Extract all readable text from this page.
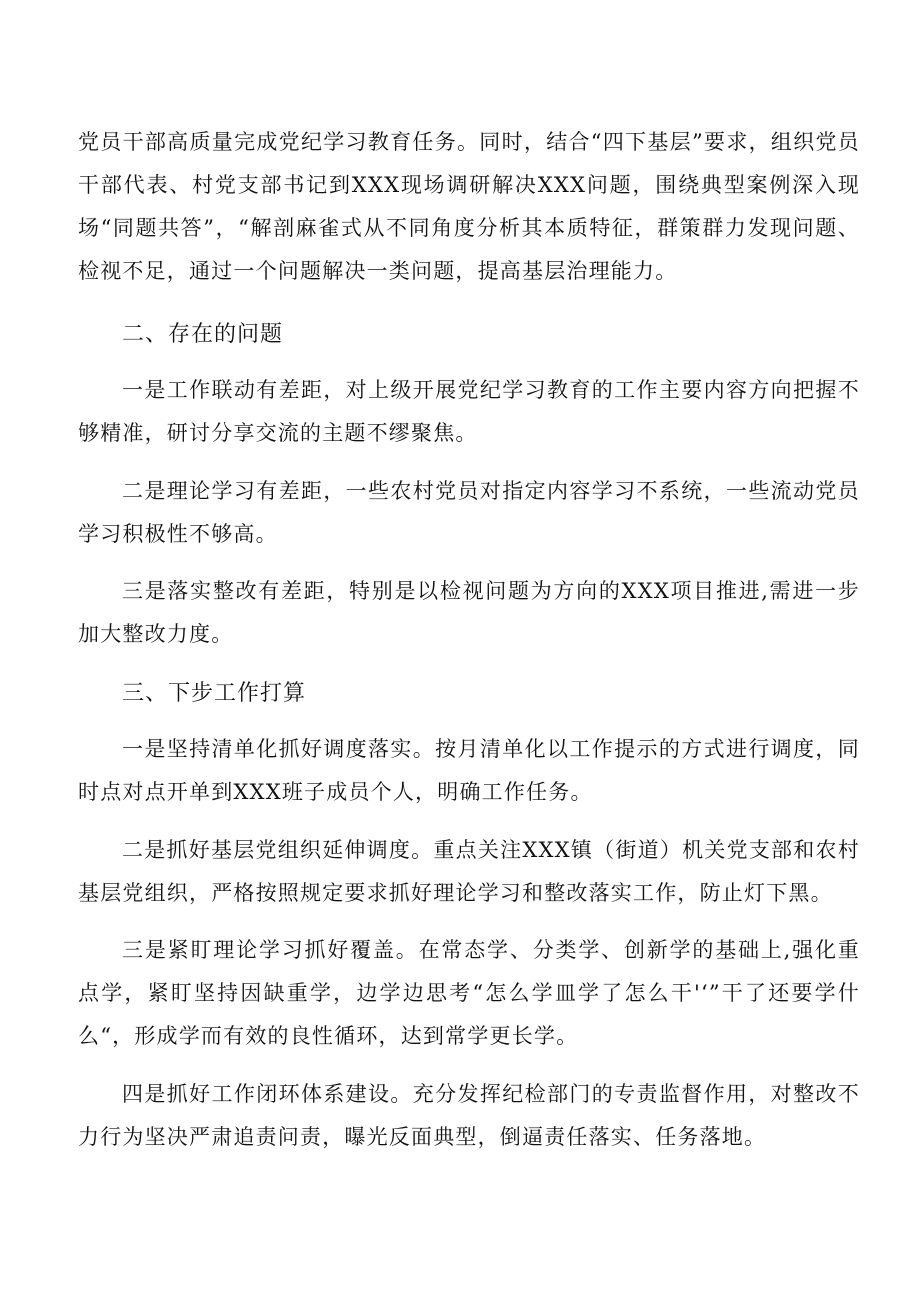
党员干部高质量完成党纪学习教育任务。同时，结合“四下基层”要求，组织党员干部代表、村党支部书记到XXX现场调研解决XXX问题，围绕典型案例深入现场“同题共答”，“解剖麻雀式从不同角度分析其本质特征，群策群力发现问题、检视不足，通过一个问题解决一类问题，提高基层治理能力。

二、存在的问题

一是工作联动有差距，对上级开展党纪学习教育的工作主要内容方向把握不够精准，研讨分享交流的主题不缪聚焦。

二是理论学习有差距，一些农村党员对指定内容学习不系统，一些流动党员学习积极性不够高。

三是落实整改有差距，特别是以检视问题为方向的XXX项目推进,需进一步加大整改力度。

三、下步工作打算

一是坚持清单化抓好调度落实。按月清单化以工作提示的方式进行调度，同时点对点开单到XXX班子成员个人，明确工作任务。

二是抓好基层党组织延伸调度。重点关注XXX镇（街道）机关党支部和农村基层党组织，严格按照规定要求抓好理论学习和整改落实工作，防止灯下黑。

三是紧盯理论学习抓好覆盖。在常态学、分类学、创新学的基础上,强化重点学，紧盯坚持因缺重学，边学边思考“怎么学皿学了怎么干'‘”干了还要学什么“，形成学而有效的良性循环，达到常学更长学。

四是抓好工作闭环体系建设。充分发挥纪检部门的专责监督作用，对整改不力行为坚决严肃追责问责，曝光反面典型，倒逼责任落实、任务落地。
